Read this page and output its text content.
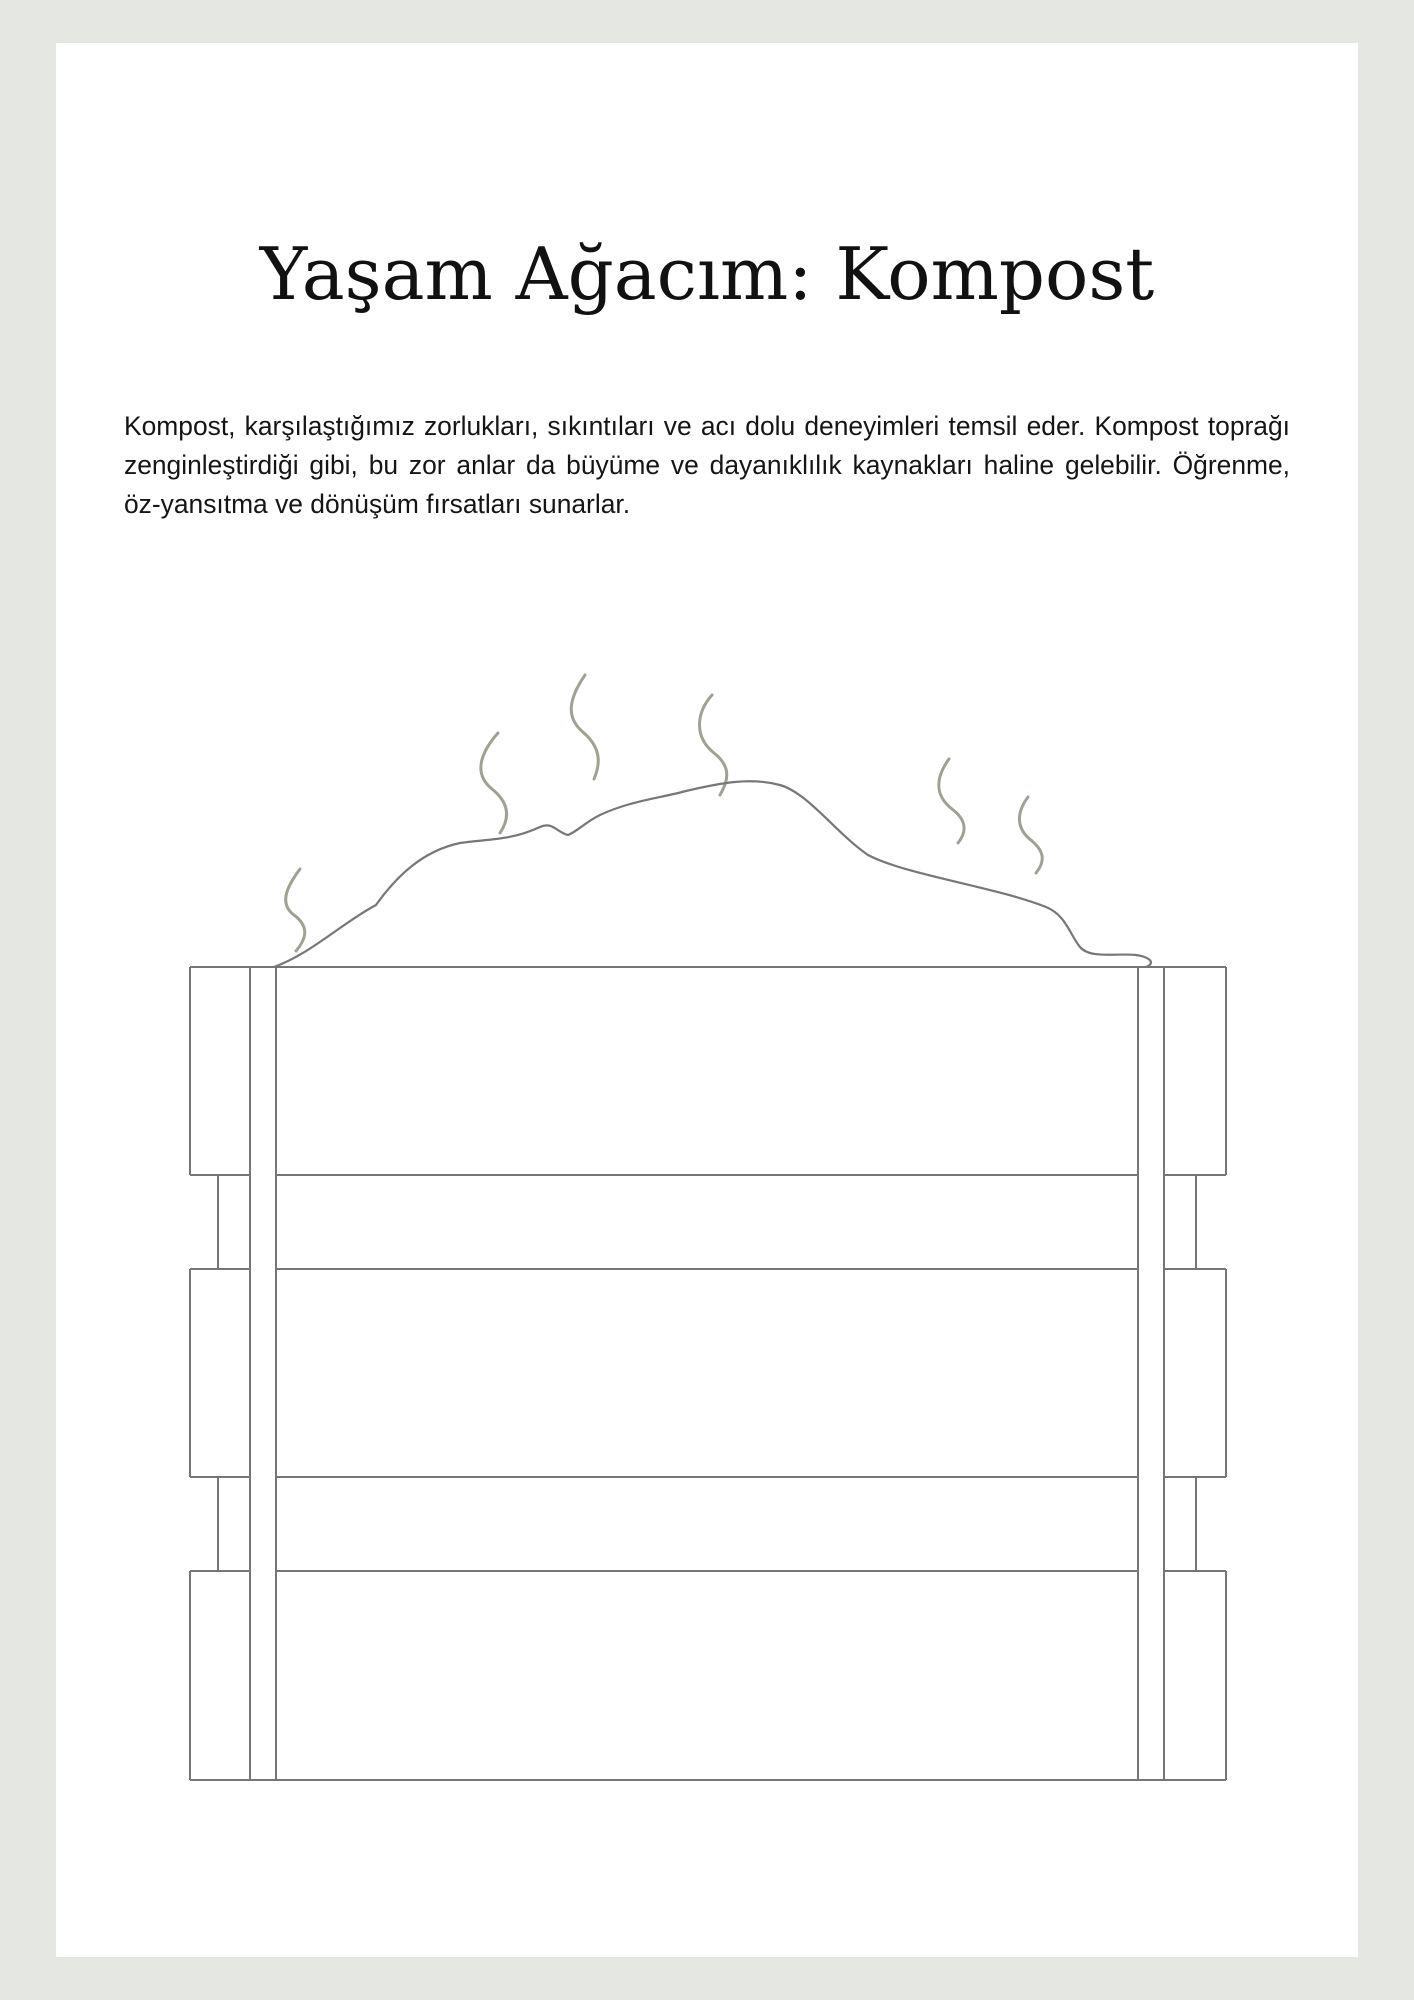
Yaşam Ağacım: Kompost

Kompost, karşılaştığımız zorlukları, sıkıntıları ve acı dolu deneyimleri temsil eder. Kompost toprağı zenginleştirdiği gibi, bu zor anlar da büyüme ve dayanıklılık kaynakları haline gelebilir. Öğrenme, öz-yansıtma ve dönüşüm fırsatları sunarlar.
